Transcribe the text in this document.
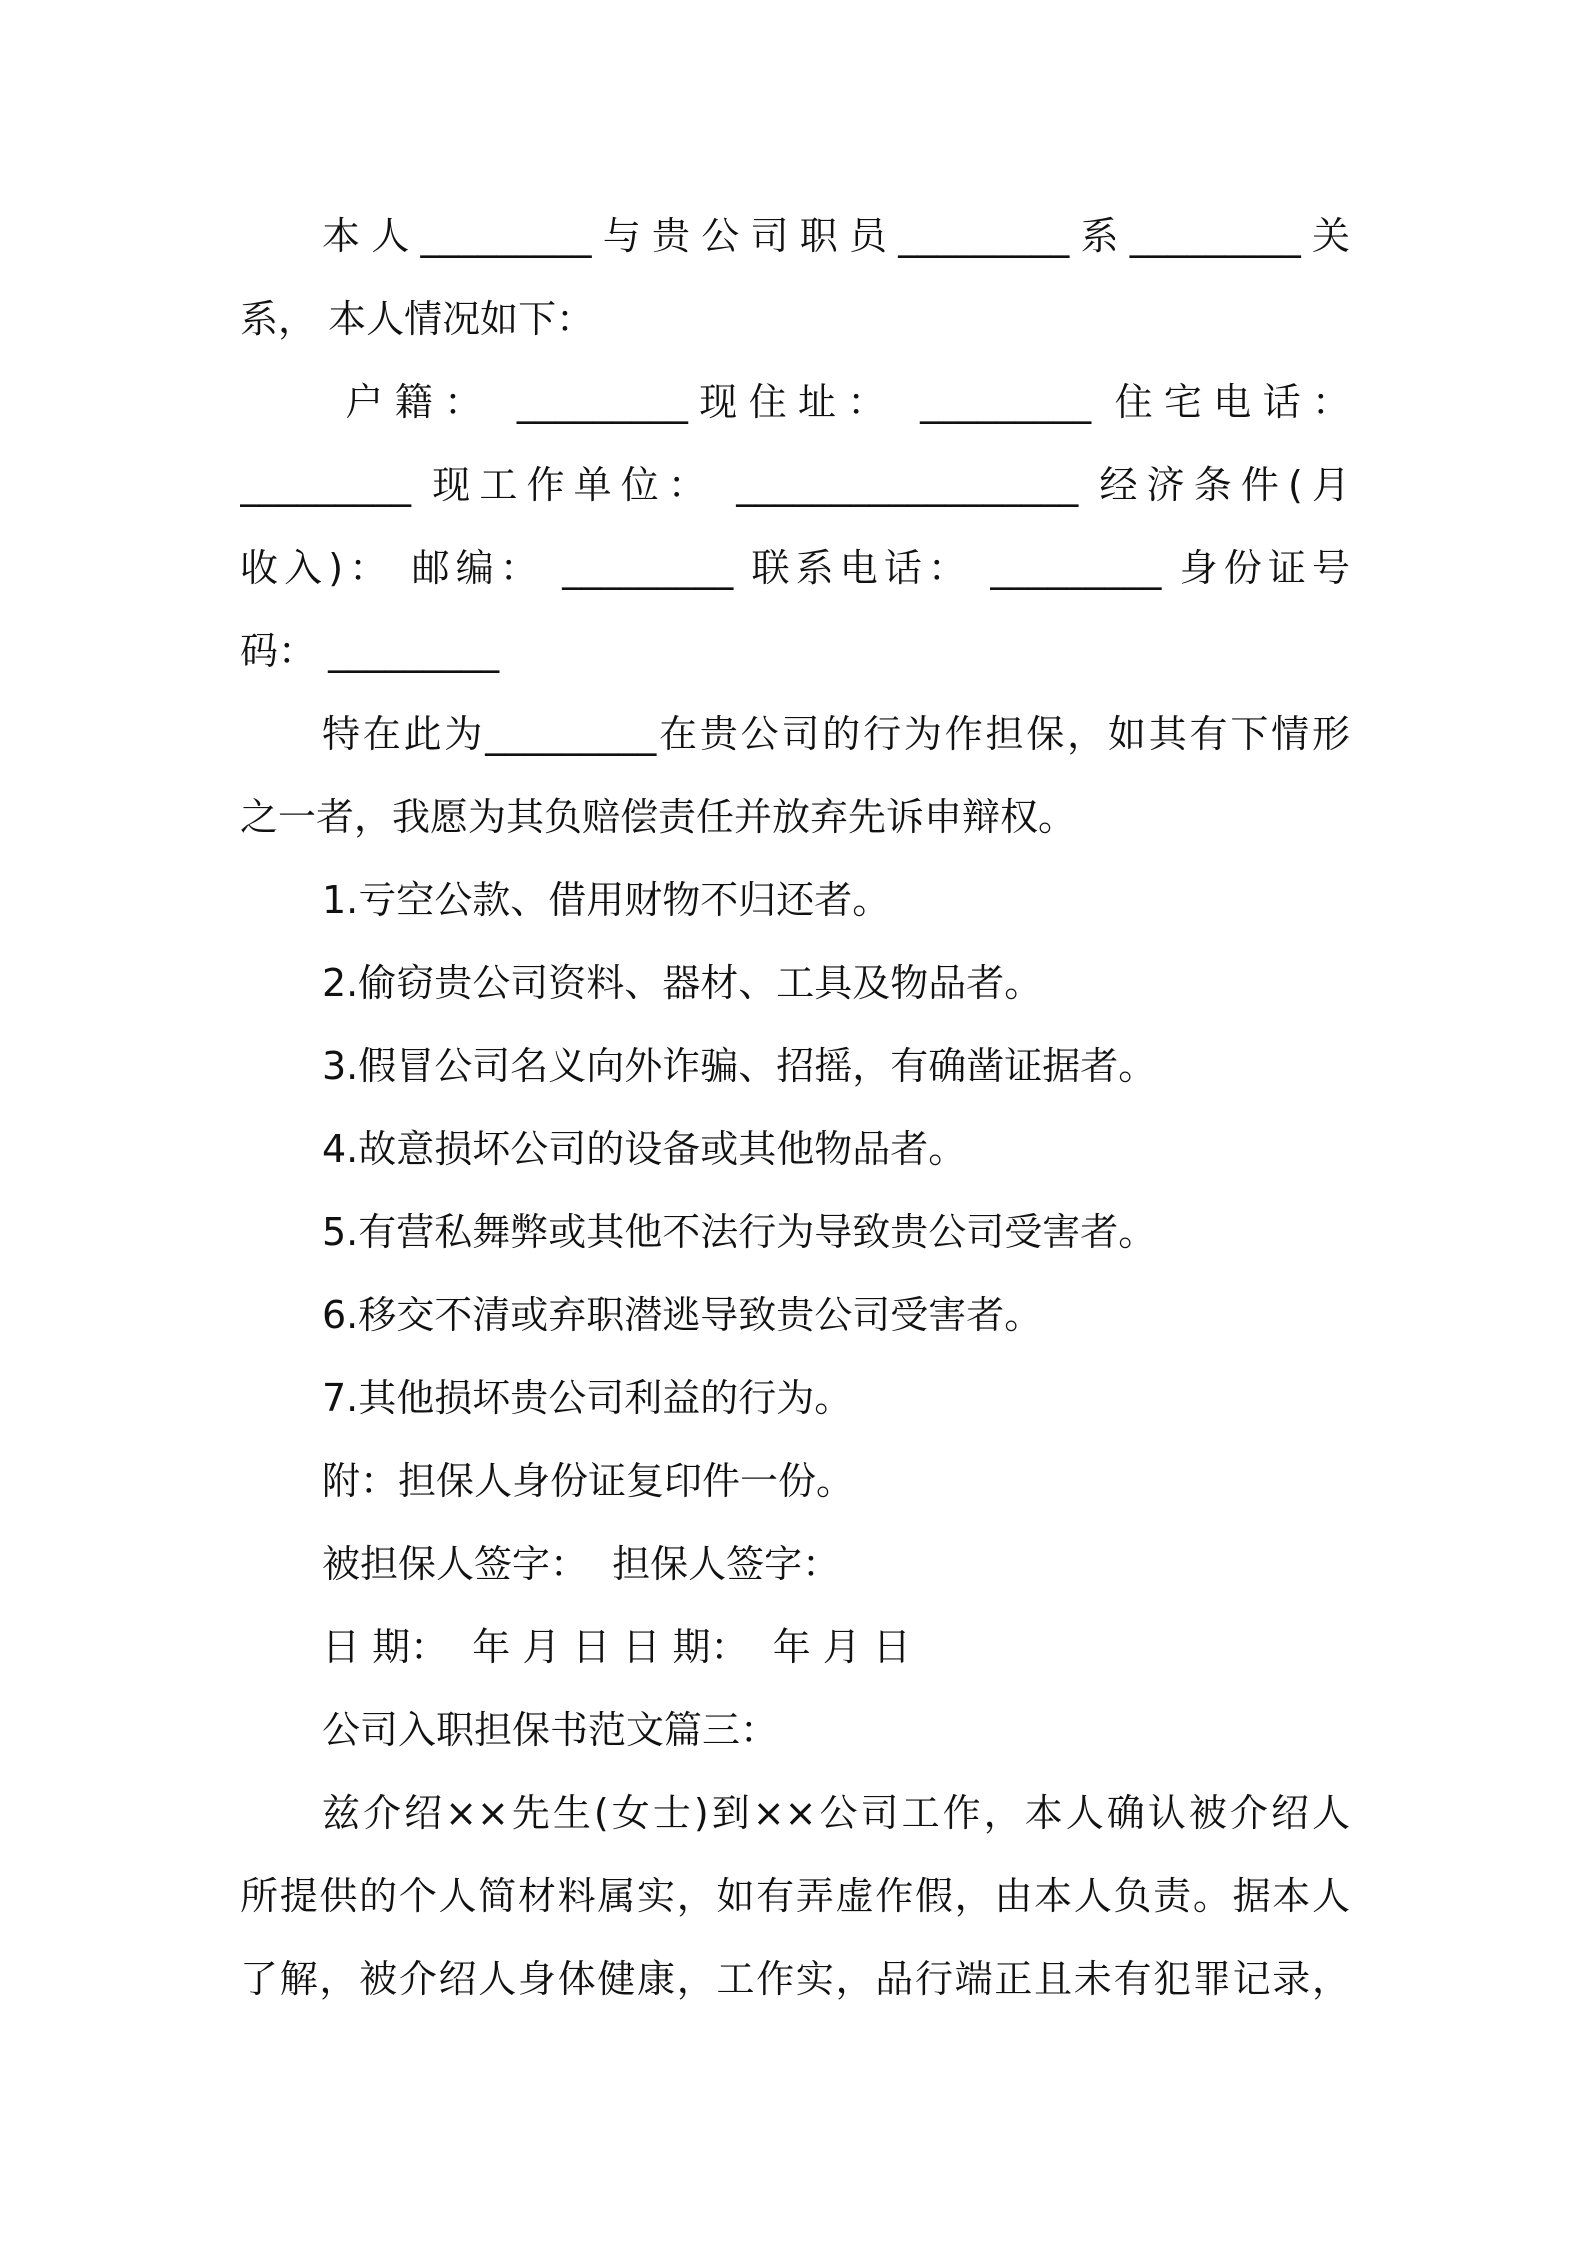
本人_________与贵公司职员_________系_________关
系， 本人情况如下：
户籍： _________现住址： _________ 住宅电话：
_________ 现工作单位： __________________ 经济条件(月
收入)： 邮编： _________ 联系电话： _________ 身份证号
码： _________
特在此为_________在贵公司的行为作担保，如其有下情形
之一者，我愿为其负赔偿责任并放弃先诉申辩权。
1.亏空公款、借用财物不归还者。
2.偷窃贵公司资料、器材、工具及物品者。
3.假冒公司名义向外诈骗、招摇，有确凿证据者。
4.故意损坏公司的设备或其他物品者。
5.有营私舞弊或其他不法行为导致贵公司受害者。
6.移交不清或弃职潜逃导致贵公司受害者。
7.其他损坏贵公司利益的行为。
附：担保人身份证复印件一份。
被担保人签字：  担保人签字：
日 期：  年 月 日 日 期：  年 月 日
公司入职担保书范文篇三：
兹介绍××先生(女士)到××公司工作，本人确认被介绍人
所提供的个人简材料属实，如有弄虚作假，由本人负责。据本人
了解，被介绍人身体健康，工作实，品行端正且未有犯罪记录，
